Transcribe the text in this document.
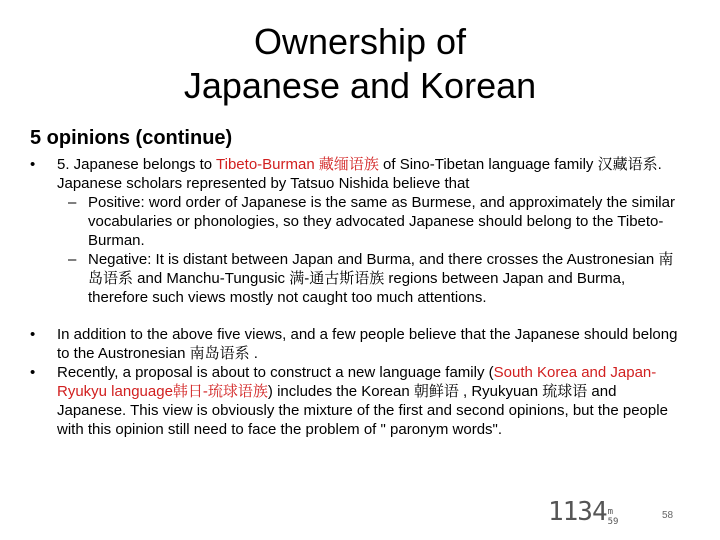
Ownership of
Japanese and Korean
5 opinions (continue)

• 5. Japanese belongs to Tibeto-Burman 藏缅语族 of Sino-Tibetan language family 汉藏语系. Japanese scholars represented by Tatsuo Nishida believe that

– Positive: word order of Japanese is the same as Burmese, and approximately the similar vocabularies or phonologies, so they advocated Japanese should belong to the Tibeto-Burman.

– Negative: It is distant between Japan and Burma, and there crosses the Austronesian 南岛语系 and Manchu-Tungusic 满-通古斯语族 regions between Japan and Burma, therefore such views mostly not caught too much attentions.

• In addition to the above five views, and a few people believe that the Japanese should belong to the Austronesian 南岛语系 .

• Recently, a proposal is about to construct a new language family (South Korea and Japan-Ryukyu language韩日-琉球语族) includes the Korean 朝鲜语 , Ryukyuan 琉球语 and Japanese. This view is obviously the mixture of the first and second opinions, but the people with this opinion still need to face the problem of " paronym words".

1134m
59
58
